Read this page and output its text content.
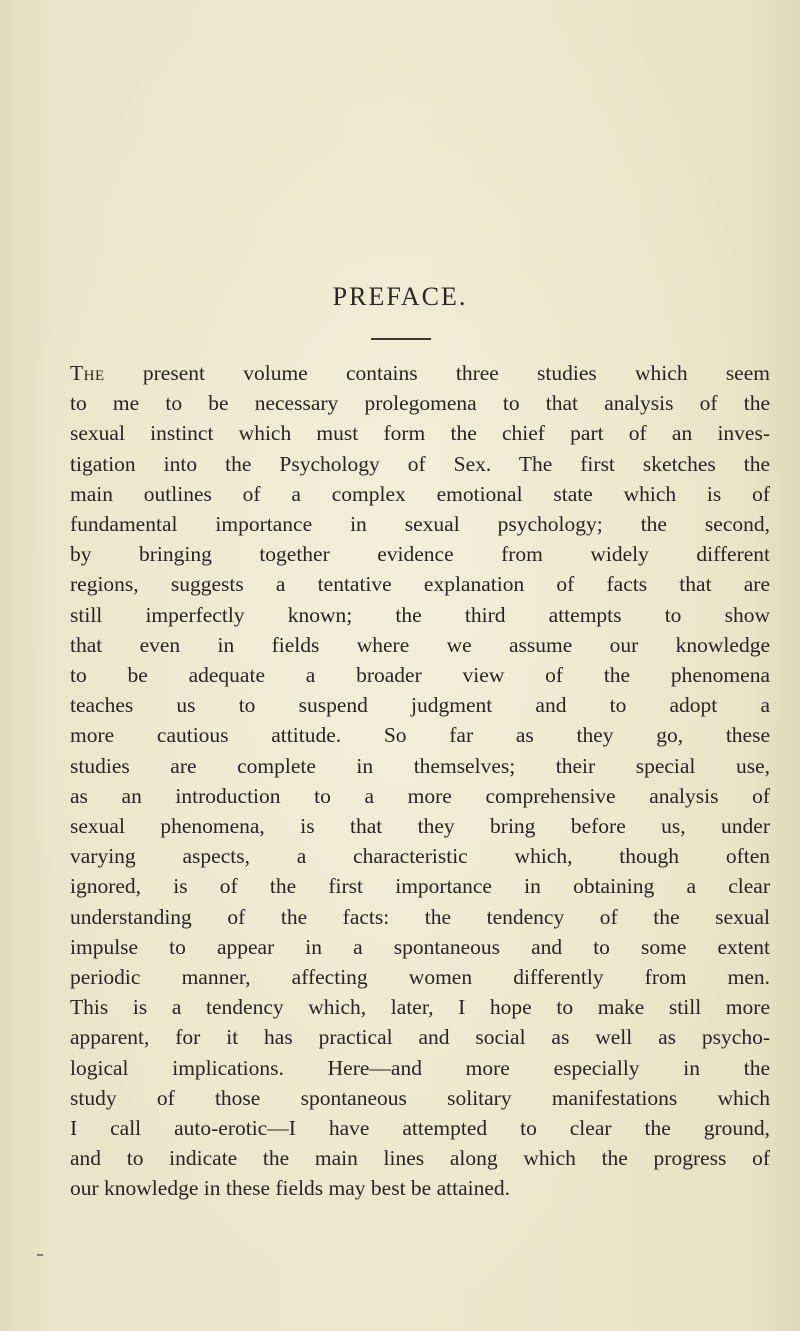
PREFACE.
The present volume contains three studies which seem
to me to be necessary prolegomena to that analysis of the
sexual instinct which must form the chief part of an inves-
tigation into the Psychology of Sex. The first sketches the
main outlines of a complex emotional state which is of
fundamental importance in sexual psychology; the second,
by bringing together evidence from widely different
regions, suggests a tentative explanation of facts that are
still imperfectly known; the third attempts to show
that even in fields where we assume our knowledge
to be adequate a broader view of the phenomena
teaches us to suspend judgment and to adopt a
more cautious attitude. So far as they go, these
studies are complete in themselves; their special use,
as an introduction to a more comprehensive analysis of
sexual phenomena, is that they bring before us, under
varying aspects, a characteristic which, though often
ignored, is of the first importance in obtaining a clear
understanding of the facts: the tendency of the sexual
impulse to appear in a spontaneous and to some extent
periodic manner, affecting women differently from men.
This is a tendency which, later, I hope to make still more
apparent, for it has practical and social as well as psycho-
logical implications. Here—and more especially in the
study of those spontaneous solitary manifestations which
I call auto-erotic—I have attempted to clear the ground,
and to indicate the main lines along which the progress of
our knowledge in these fields may best be attained.
